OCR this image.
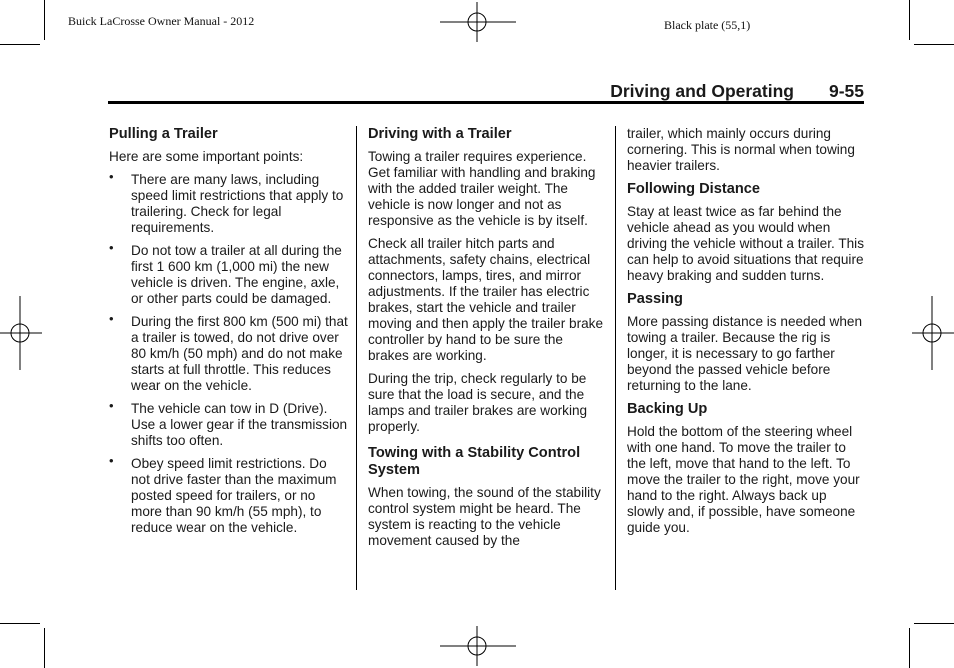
Buick LaCrosse Owner Manual - 2012	Black plate (55,1)
Driving and Operating 9-55
Pulling a Trailer

Here are some important points:

• There are many laws, including speed limit restrictions that apply to trailering. Check for legal requirements.
• Do not tow a trailer at all during the first 1 600 km (1,000 mi) the new vehicle is driven. The engine, axle, or other parts could be damaged.
• During the first 800 km (500 mi) that a trailer is towed, do not drive over 80 km/h (50 mph) and do not make starts at full throttle. This reduces wear on the vehicle.
• The vehicle can tow in D (Drive). Use a lower gear if the transmission shifts too often.
• Obey speed limit restrictions. Do not drive faster than the maximum posted speed for trailers, or no more than 90 km/h (55 mph), to reduce wear on the vehicle.
Driving with a Trailer

Towing a trailer requires experience. Get familiar with handling and braking with the added trailer weight. The vehicle is now longer and not as responsive as the vehicle is by itself.

Check all trailer hitch parts and attachments, safety chains, electrical connectors, lamps, tires, and mirror adjustments. If the trailer has electric brakes, start the vehicle and trailer moving and then apply the trailer brake controller by hand to be sure the brakes are working.

During the trip, check regularly to be sure that the load is secure, and the lamps and trailer brakes are working properly.

Towing with a Stability Control System

When towing, the sound of the stability control system might be heard. The system is reacting to the vehicle movement caused by the

trailer, which mainly occurs during cornering. This is normal when towing heavier trailers.

Following Distance

Stay at least twice as far behind the vehicle ahead as you would when driving the vehicle without a trailer. This can help to avoid situations that require heavy braking and sudden turns.

Passing

More passing distance is needed when towing a trailer. Because the rig is longer, it is necessary to go farther beyond the passed vehicle before returning to the lane.

Backing Up

Hold the bottom of the steering wheel with one hand. To move the trailer to the left, move that hand to the left. To move the trailer to the right, move your hand to the right. Always back up slowly and, if possible, have someone guide you.
